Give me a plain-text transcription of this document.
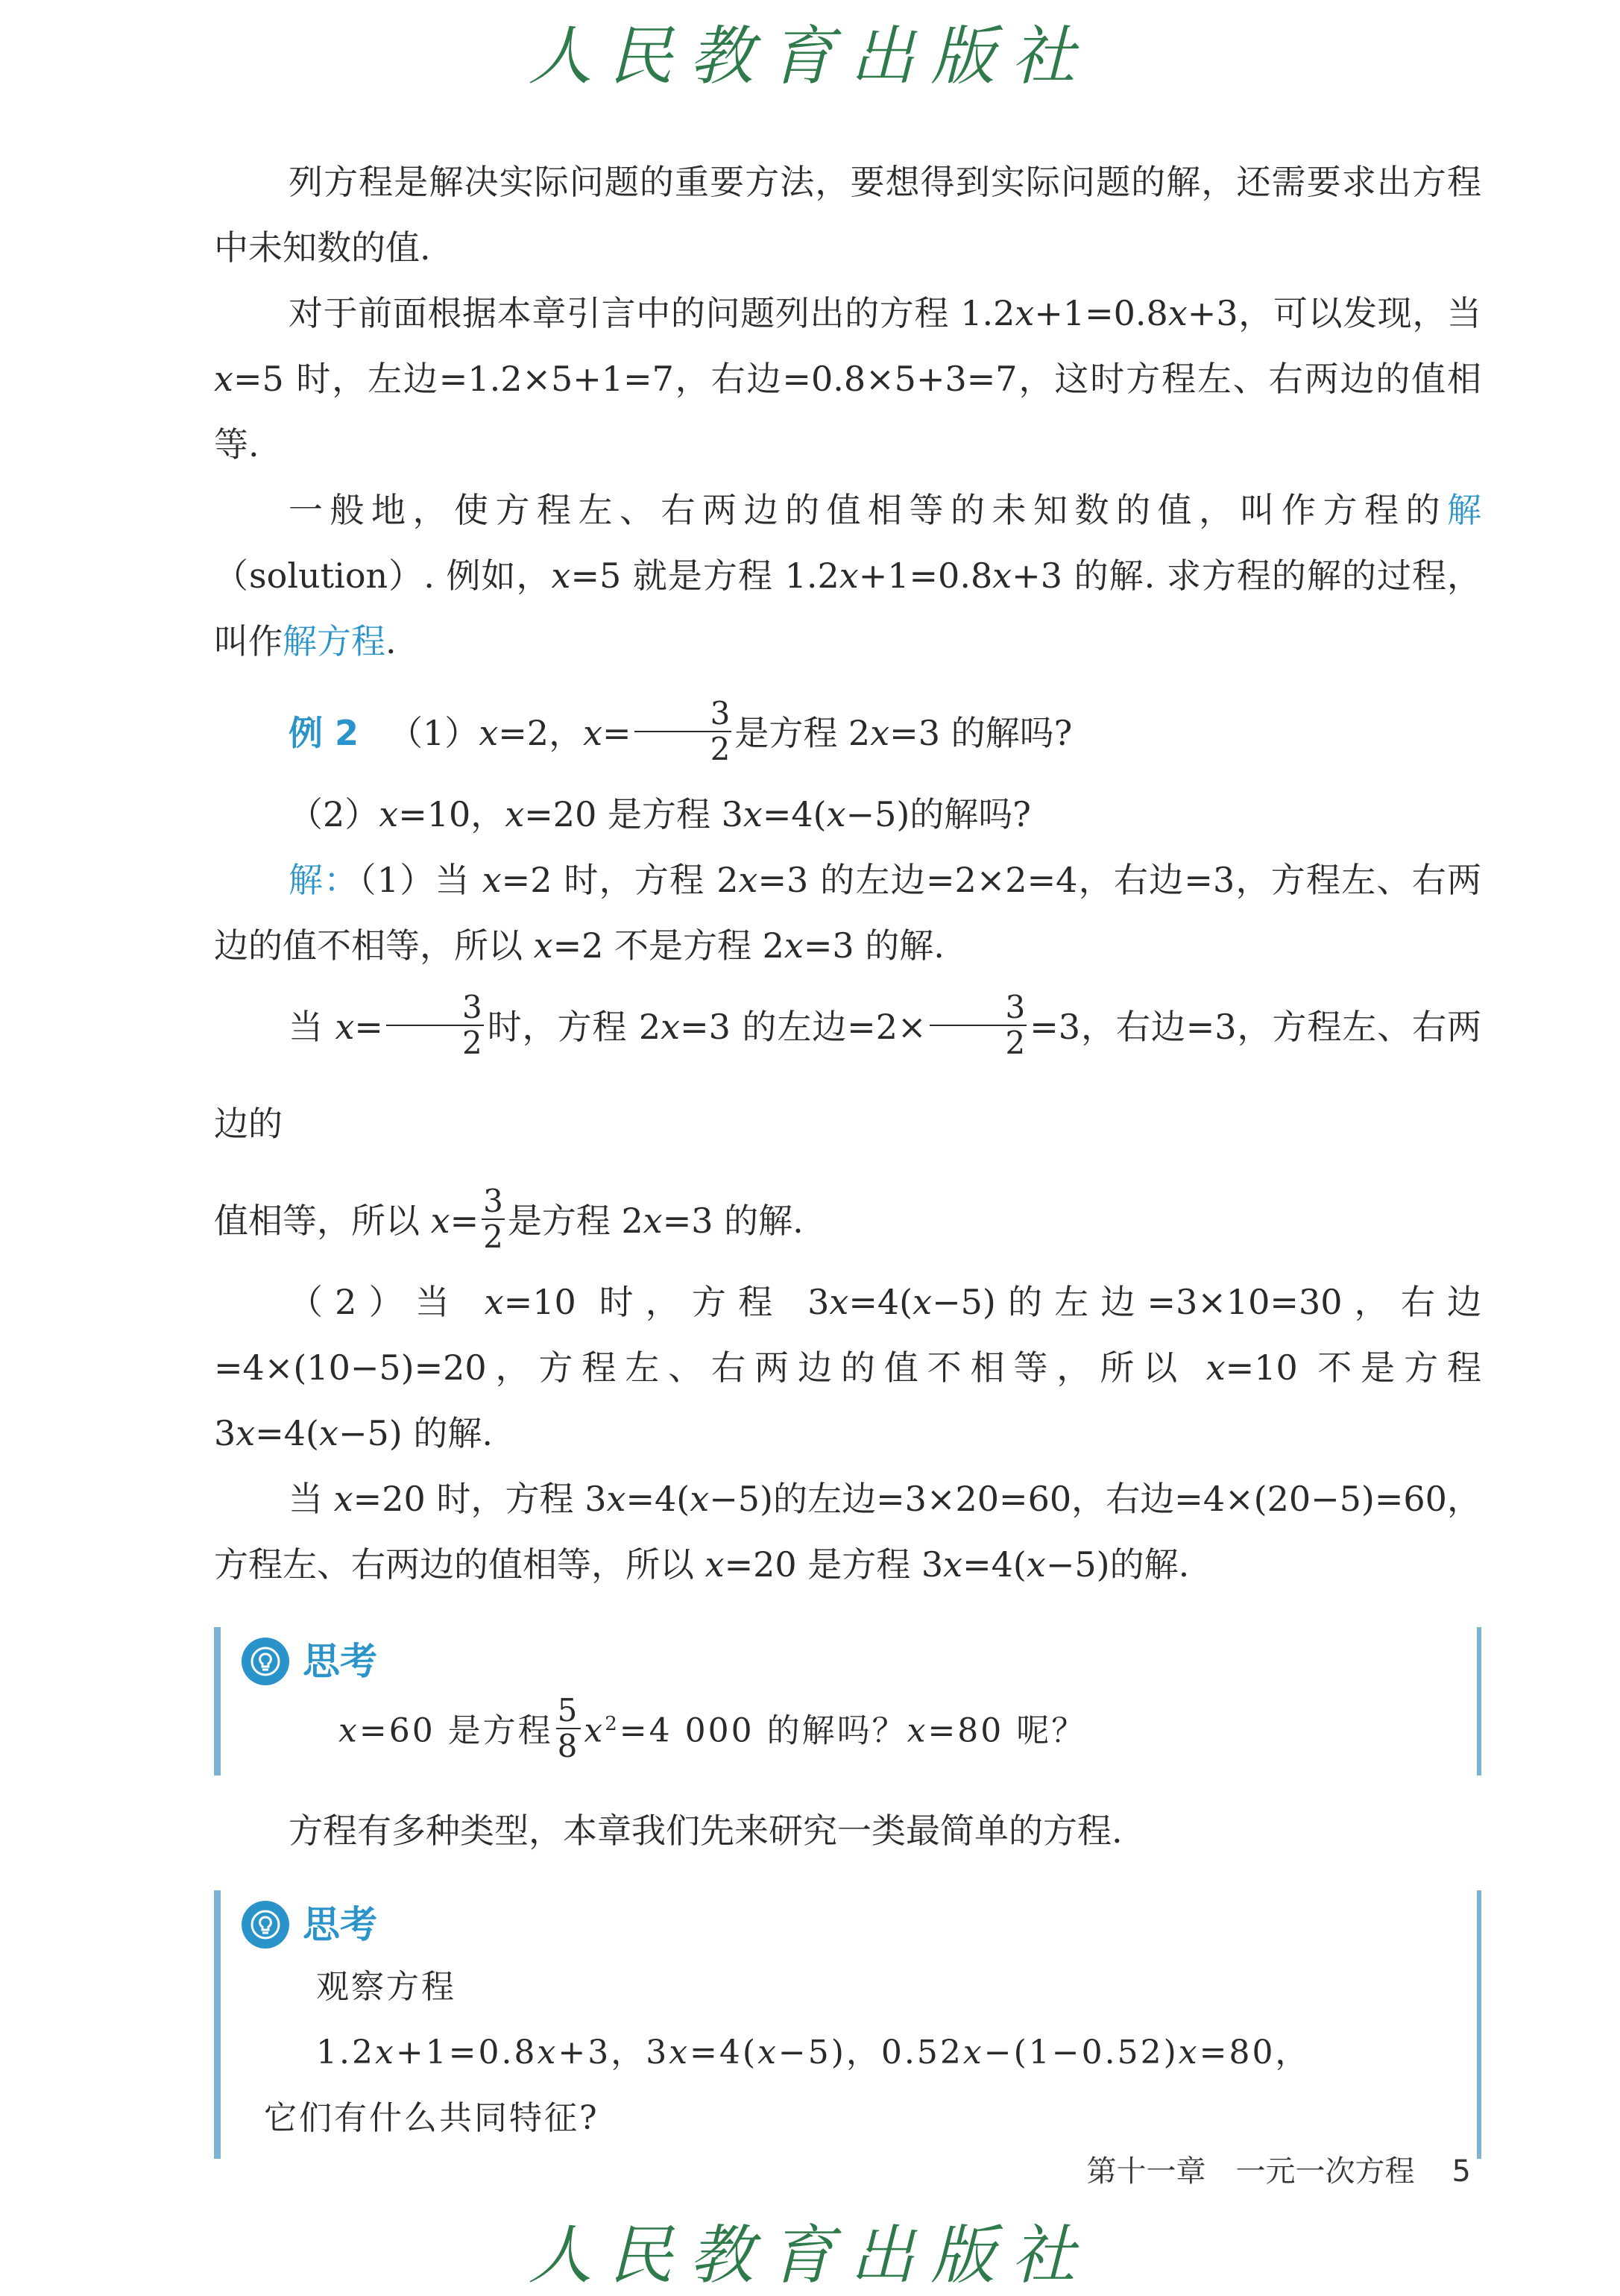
人民教育出版社

列方程是解决实际问题的重要方法，要想得到实际问题的解，还需要求出方程中未知数的值.

对于前面根据本章引言中的问题列出的方程 1.2x+1=0.8x+3，可以发现，当 x=5 时，左边=1.2×5+1=7，右边=0.8×5+3=7，这时方程左、右两边的值相等.

一般地，使方程左、右两边的值相等的未知数的值，叫作方程的解（solution）. 例如，x=5 就是方程 1.2x+1=0.8x+3 的解. 求方程的解的过程，叫作解方程.

例 2 （1）x=2，$x= \frac{3}{2}$ 是方程 2x=3 的解吗?

（2）x=10，x=20 是方程 3x=4(x−5)的解吗?

解：（1）当 x=2 时，方程 2x=3 的左边=2×2=4，右边=3，方程左、右两边的值不相等，所以 x=2 不是方程 2x=3 的解.

当 $x= \frac{3}{2}$ 时，方程 2x=3 的左边$=2\times \frac{3}{2} =3$，右边=3，方程左、右两边的

值相等，所以 $x= \frac{3}{2}$ 是方程 2x=3 的解.

（2）当 x=10 时，方程 3x=4(x−5)的左边=3×10=30，右边=4×(10−5)=20，方程左、右两边的值不相等，所以 x=10 不是方程 3x=4(x−5) 的解.

当 x=20 时，方程 3x=4(x−5)的左边=3×20=60，右边=4×(20−5)=60，方程左、右两边的值相等，所以 x=20 是方程 3x=4(x−5)的解.

思考
x=60 是方程 $\frac{5}{8} x^2=4$ 000 的解吗？x=80 呢？

方程有多种类型，本章我们先来研究一类最简单的方程.

思考
观察方程
1.2x+1=0.8x+3，3x=4(x−5)，0.52x−(1−0.52)x=80，
它们有什么共同特征?
第十一章　一元一次方程 5
人民教育出版社
